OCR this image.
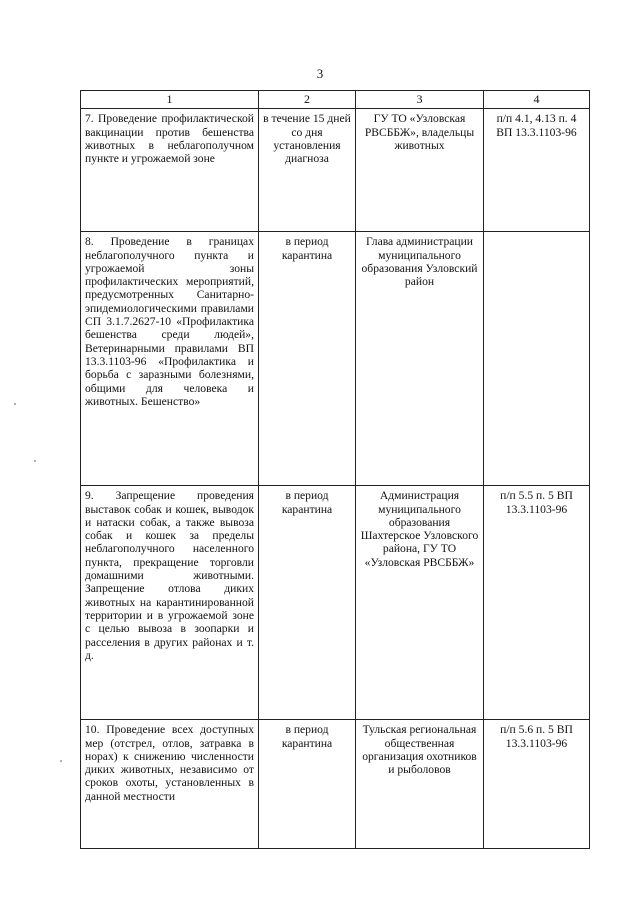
3
1	2	3	4
7. Проведение профилактической вакцинации против бешенства животных в неблагополучном пункте и угрожаемой зоне	в течение 15 дней со дня установления диагноза	ГУ ТО «Узловская РВСББЖ», владельцы животных	п/п 4.1, 4.13 п. 4 ВП 13.3.1103-96
8. Проведение в границах неблагополучного пункта и угрожаемой зоны профилактических мероприятий, предусмотренных Санитарно-эпидемиологическими правилами СП 3.1.7.2627-10 «Профилактика бешенства среди людей», Ветеринарными правилами ВП 13.3.1103-96 «Профилактика и борьба с заразными болезнями, общими для человека и животных. Бешенство»	в период карантина	Глава администрации муниципального образования Узловский район	
9. Запрещение проведения выставок собак и кошек, выводок и натаски собак, а также вывоза собак и кошек за пределы неблагополучного населенного пункта, прекращение торговли домашними животными. Запрещение отлова диких животных на карантинированной территории и в угрожаемой зоне с целью вывоза в зоопарки и расселения в других районах и т. д.	в период карантина	Администрация муниципального образования Шахтерское Узловского района, ГУ ТО «Узловская РВСББЖ»	п/п 5.5 п. 5 ВП 13.3.1103-96
10. Проведение всех доступных мер (отстрел, отлов, затравка в норах) к снижению численности диких животных, независимо от сроков охоты, установленных в данной местности	в период карантина	Тульская региональная общественная организация охотников и рыболовов	п/п 5.6 п. 5 ВП 13.3.1103-96
